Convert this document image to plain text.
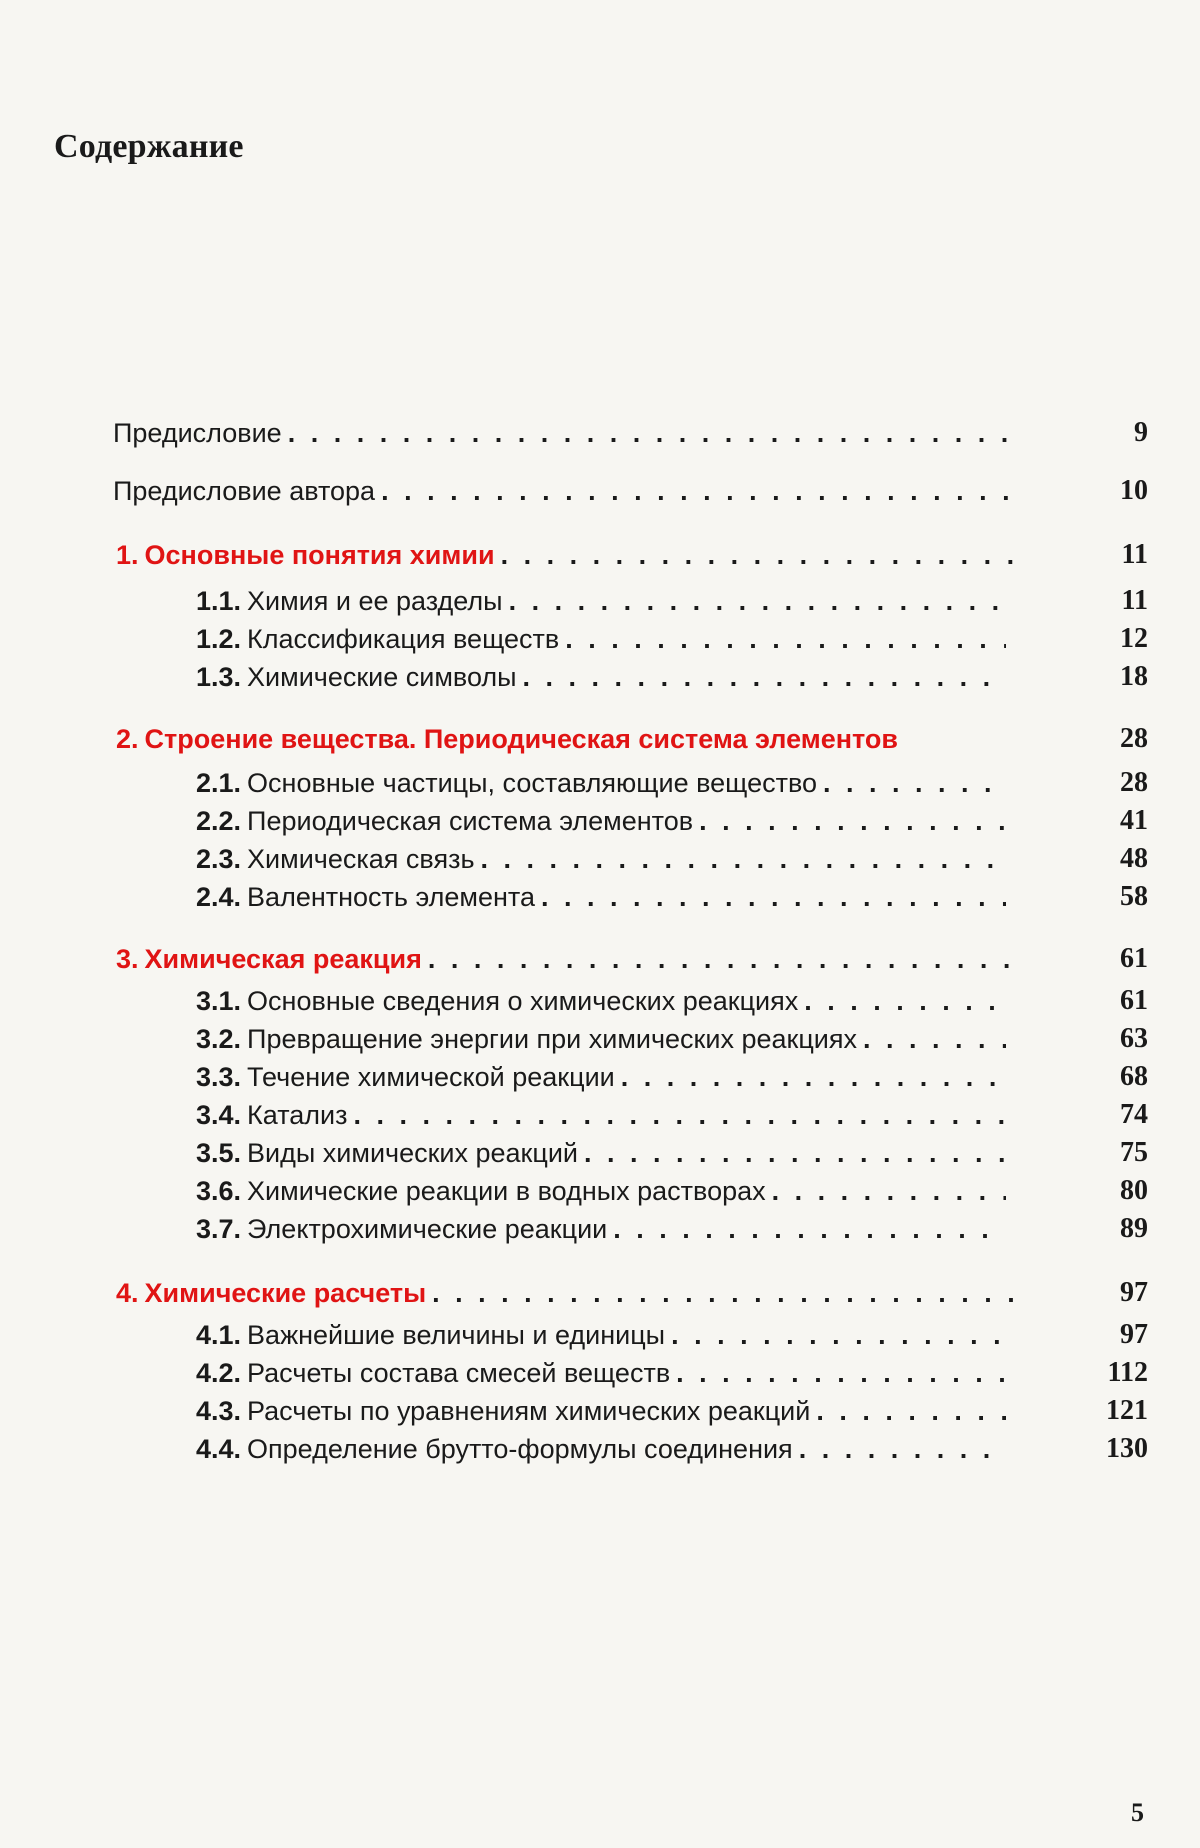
Содержание
Предисловие . . .	9
Предисловие автора . . .	10
1. Основные понятия химии . . .	11
1.1. Химия и ее разделы . . .	11
1.2. Классификация веществ . . .	12
1.3. Химические символы . . .	18
2. Строение вещества. Периодическая система элементов	28
2.1. Основные частицы, составляющие вещество . . .	28
2.2. Периодическая система элементов . . .	41
2.3. Химическая связь . . .	48
2.4. Валентность элемента . . .	58
3. Химическая реакция . . .	61
3.1. Основные сведения о химических реакциях . . .	61
3.2. Превращение энергии при химических реакциях . . .	63
3.3. Течение химической реакции . . .	68
3.4. Катализ . . .	74
3.5. Виды химических реакций . . .	75
3.6. Химические реакции в водных растворах . . .	80
3.7. Электрохимические реакции . . .	89
4. Химические расчеты . . .	97
4.1. Важнейшие величины и единицы . . .	97
4.2. Расчеты состава смесей веществ . . .	112
4.3. Расчеты по уравнениям химических реакций . . .	121
4.4. Определение брутто-формулы соединения . . .	130
5
